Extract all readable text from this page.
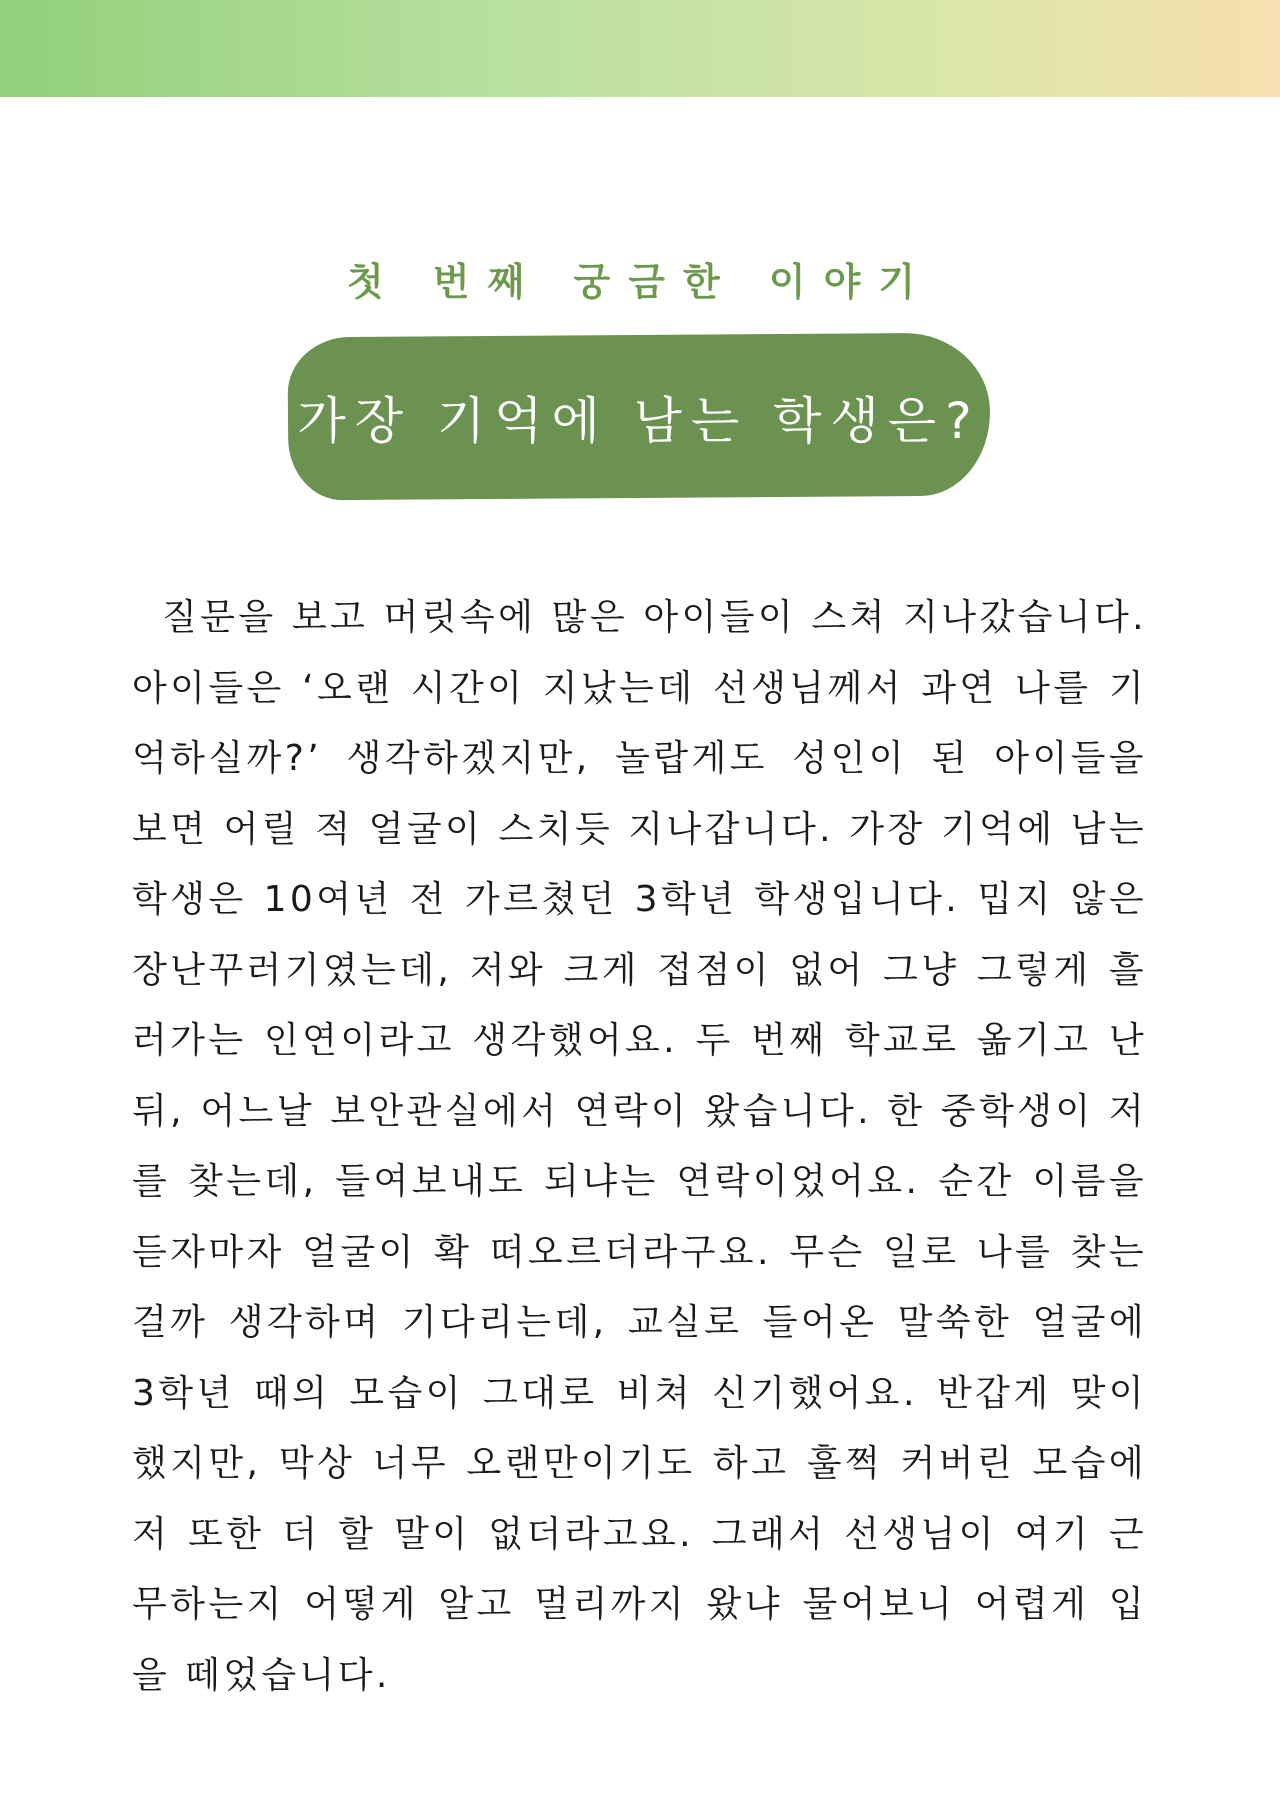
첫 번째 궁금한 이야기
가장 기억에 남는 학생은?

질문을 보고 머릿속에 많은 아이들이 스쳐 지나갔습니다. 아이들은 ‘오랜 시간이 지났는데 선생님께서 과연 나를 기억하실까?’ 생각하겠지만, 놀랍게도 성인이 된 아이들을 보면 어릴 적 얼굴이 스치듯 지나갑니다. 가장 기억에 남는 학생은 10여년 전 가르쳤던 3학년 학생입니다. 밉지 않은 장난꾸러기였는데, 저와 크게 접점이 없어 그냥 그렇게 흘러가는 인연이라고 생각했어요. 두 번째 학교로 옮기고 난 뒤, 어느날 보안관실에서 연락이 왔습니다. 한 중학생이 저를 찾는데, 들여보내도 되냐는 연락이었어요. 순간 이름을 듣자마자 얼굴이 확 떠오르더라구요. 무슨 일로 나를 찾는 걸까 생각하며 기다리는데, 교실로 들어온 말쑥한 얼굴에 3학년 때의 모습이 그대로 비쳐 신기했어요. 반갑게 맞이했지만, 막상 너무 오랜만이기도 하고 훌쩍 커버린 모습에 저 또한 더 할 말이 없더라고요. 그래서 선생님이 여기 근무하는지 어떻게 알고 멀리까지 왔냐 물어보니 어렵게 입을 떼었습니다.
